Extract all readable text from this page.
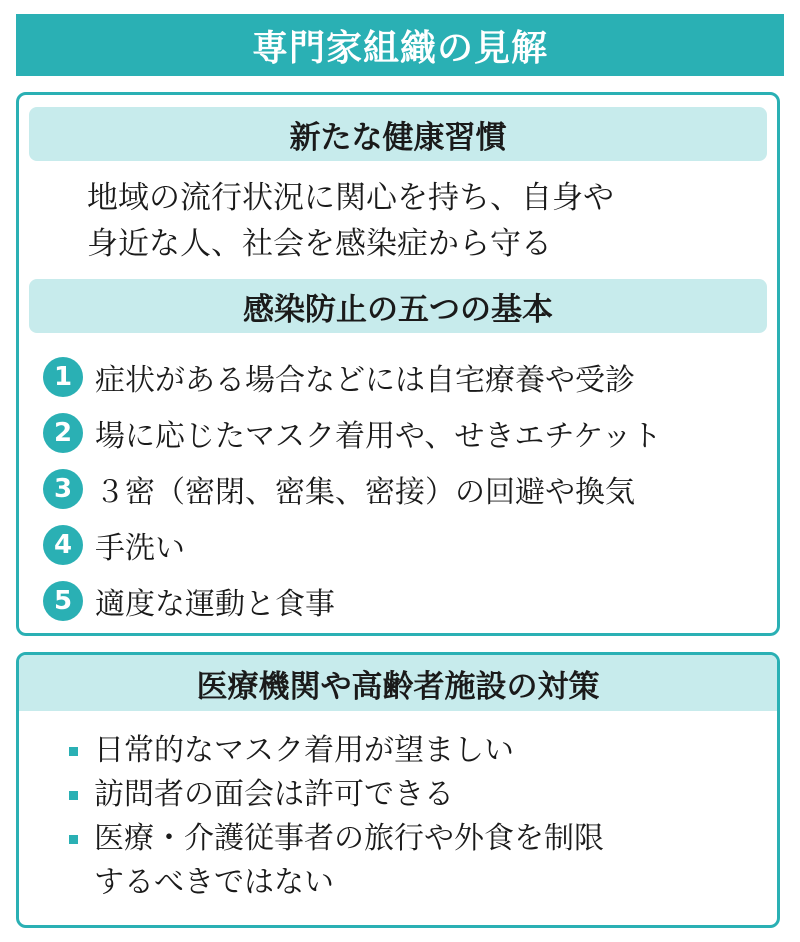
専門家組織の見解
新たな健康習慣
地域の流行状況に関心を持ち、自身や
身近な人、社会を感染症から守る
感染防止の五つの基本
1 症状がある場合などには自宅療養や受診
2 場に応じたマスク着用や、せきエチケット
3 ３密（密閉、密集、密接）の回避や換気
4 手洗い
5 適度な運動と食事
医療機関や高齢者施設の対策
日常的なマスク着用が望ましい
訪問者の面会は許可できる
医療・介護従事者の旅行や外食を制限
するべきではない
